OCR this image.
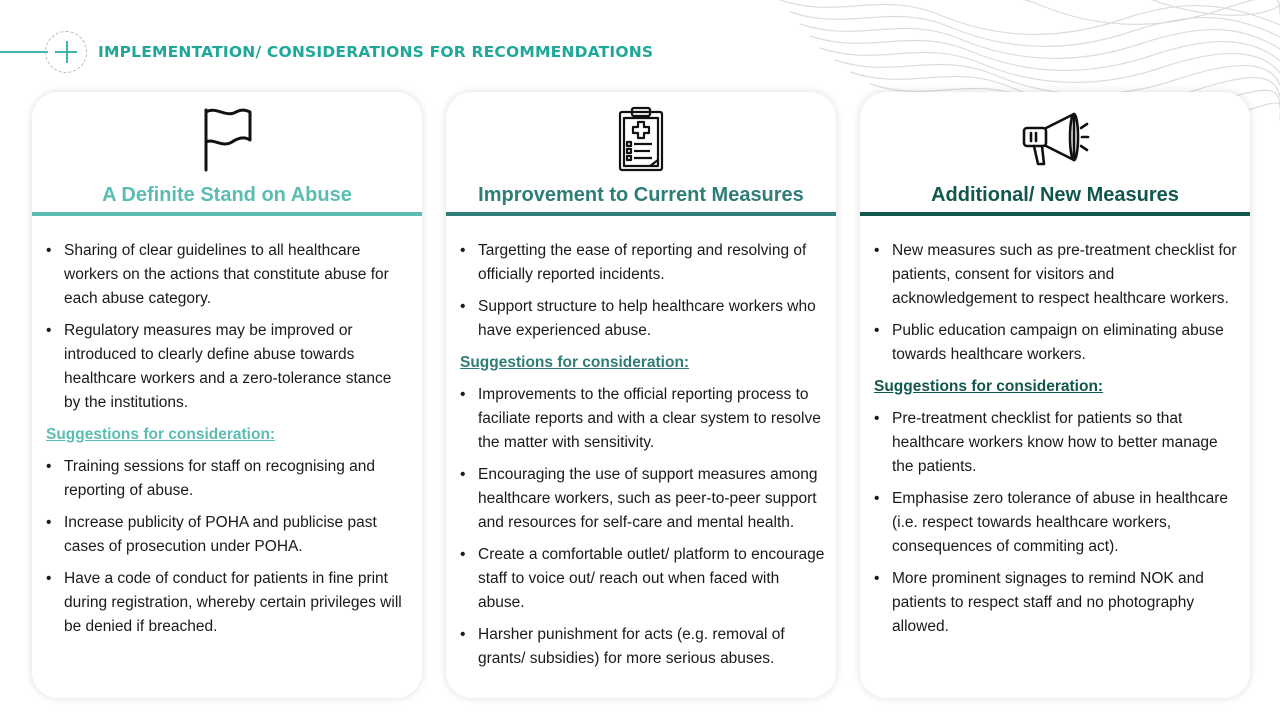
IMPLEMENTATION/ CONSIDERATIONS FOR RECOMMENDATIONS
A Definite Stand on Abuse
• Sharing of clear guidelines to all healthcare workers on the actions that constitute abuse for each abuse category.
• Regulatory measures may be improved or introduced to clearly define abuse towards healthcare workers and a zero-tolerance stance by the institutions.

Suggestions for consideration:

• Training sessions for staff on recognising and reporting of abuse.
• Increase publicity of POHA and publicise past cases of prosecution under POHA.
• Have a code of conduct for patients in fine print during registration, whereby certain privileges will be denied if breached.
Improvement to Current Measures
• Targetting the ease of reporting and resolving of officially reported incidents.
• Support structure to help healthcare workers who have experienced abuse.

Suggestions for consideration:

• Improvements to the official reporting process to faciliate reports and with a clear system to resolve the matter with sensitivity.
• Encouraging the use of support measures among healthcare workers, such as peer-to-peer support and resources for self-care and mental health.
• Create a comfortable outlet/ platform to encourage staff to voice out/ reach out when faced with abuse.
• Harsher punishment for acts (e.g. removal of grants/ subsidies) for more serious abuses.
Additional/ New Measures
• New measures such as pre-treatment checklist for patients, consent for visitors and acknowledgement to respect healthcare workers.
• Public education campaign on eliminating abuse towards healthcare workers.

Suggestions for consideration:

• Pre-treatment checklist for patients so that healthcare workers know how to better manage the patients.
• Emphasise zero tolerance of abuse in healthcare (i.e. respect towards healthcare workers, consequences of commiting act).
• More prominent signages to remind NOK and patients to respect staff and no photography allowed.
